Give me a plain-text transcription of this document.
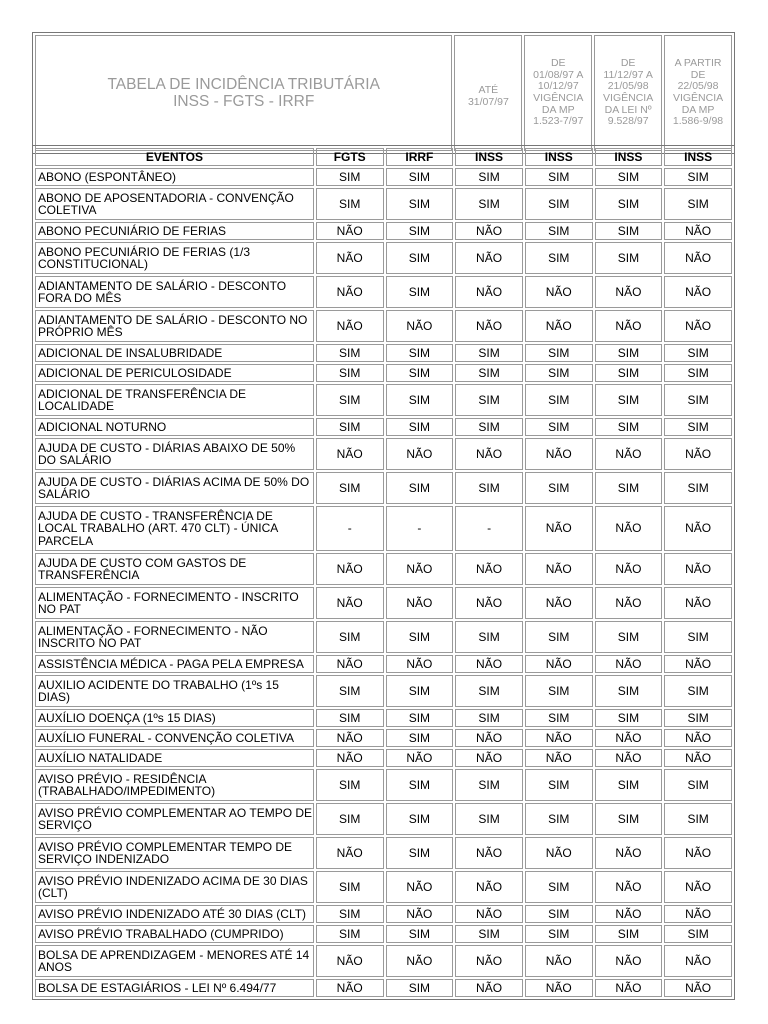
TABELA DE INCIDÊNCIA TRIBUTÁRIA
INSS - FGTS - IRRF

ATÉ
31/07/97

DE
01/08/97 A
10/12/97
VIGÊNCIA
DA MP
1.523-7/97

DE
11/12/97 A
21/05/98
VIGÊNCIA
DA LEI Nº
9.528/97

A PARTIR
DE
22/05/98
VIGÊNCIA
DA MP
1.586-9/98
EVENTOS	FGTS	IRRF	INSS	INSS	INSS	INSS
ABONO (ESPONTÂNEO)	SIM	SIM	SIM	SIM	SIM	SIM
ABONO DE APOSENTADORIA - CONVENÇÃO COLETIVA	SIM	SIM	SIM	SIM	SIM	SIM
ABONO PECUNIÁRIO DE FERIAS	NÃO	SIM	NÃO	SIM	SIM	NÃO
ABONO PECUNIÁRIO DE FERIAS (1/3 CONSTITUCIONAL)	NÃO	SIM	NÃO	SIM	SIM	NÃO
ADIANTAMENTO DE SALÁRIO - DESCONTO FORA DO MÊS	NÃO	SIM	NÃO	NÃO	NÃO	NÃO
ADIANTAMENTO DE SALÁRIO - DESCONTO NO PRÓPRIO MÊS	NÃO	NÃO	NÃO	NÃO	NÃO	NÃO
ADICIONAL DE INSALUBRIDADE	SIM	SIM	SIM	SIM	SIM	SIM
ADICIONAL DE PERICULOSIDADE	SIM	SIM	SIM	SIM	SIM	SIM
ADICIONAL DE TRANSFERÊNCIA DE LOCALIDADE	SIM	SIM	SIM	SIM	SIM	SIM
ADICIONAL NOTURNO	SIM	SIM	SIM	SIM	SIM	SIM
AJUDA DE CUSTO - DIÁRIAS ABAIXO DE 50% DO SALÁRIO	NÃO	NÃO	NÃO	NÃO	NÃO	NÃO
AJUDA DE CUSTO - DIÁRIAS ACIMA DE 50% DO SALÁRIO	SIM	SIM	SIM	SIM	SIM	SIM
AJUDA DE CUSTO - TRANSFERÊNCIA DE LOCAL TRABALHO (ART. 470 CLT) - ÚNICA PARCELA	-	-	-	NÃO	NÃO	NÃO
AJUDA DE CUSTO COM GASTOS DE TRANSFERÊNCIA	NÃO	NÃO	NÃO	NÃO	NÃO	NÃO
ALIMENTAÇÃO - FORNECIMENTO - INSCRITO NO PAT	NÃO	NÃO	NÃO	NÃO	NÃO	NÃO
ALIMENTAÇÃO - FORNECIMENTO - NÃO INSCRITO NO PAT	SIM	SIM	SIM	SIM	SIM	SIM
ASSISTÊNCIA MÉDICA - PAGA PELA EMPRESA	NÃO	NÃO	NÃO	NÃO	NÃO	NÃO
AUXILIO ACIDENTE DO TRABALHO (1ºs 15 DIAS)	SIM	SIM	SIM	SIM	SIM	SIM
AUXÍLIO DOENÇA (1ºs 15 DIAS)	SIM	SIM	SIM	SIM	SIM	SIM
AUXÍLIO FUNERAL - CONVENÇÃO COLETIVA	NÃO	SIM	NÃO	NÃO	NÃO	NÃO
AUXÍLIO NATALIDADE	NÃO	NÃO	NÃO	NÃO	NÃO	NÃO
AVISO PRÉVIO - RESIDÊNCIA (TRABALHADO/IMPEDIMENTO)	SIM	SIM	SIM	SIM	SIM	SIM
AVISO PRÉVIO COMPLEMENTAR AO TEMPO DE SERVIÇO	SIM	SIM	SIM	SIM	SIM	SIM
AVISO PRÉVIO COMPLEMENTAR TEMPO DE SERVIÇO INDENIZADO	NÃO	SIM	NÃO	NÃO	NÃO	NÃO
AVISO PRÉVIO INDENIZADO ACIMA DE 30 DIAS (CLT)	SIM	NÃO	NÃO	SIM	NÃO	NÃO
AVISO PRÉVIO INDENIZADO ATÉ 30 DIAS (CLT)	SIM	NÃO	NÃO	SIM	NÃO	NÃO
AVISO PRÉVIO TRABALHADO (CUMPRIDO)	SIM	SIM	SIM	SIM	SIM	SIM
BOLSA DE APRENDIZAGEM - MENORES ATÉ 14 ANOS	NÃO	NÃO	NÃO	NÃO	NÃO	NÃO
BOLSA DE ESTAGIÁRIOS - LEI Nº 6.494/77	NÃO	SIM	NÃO	NÃO	NÃO	NÃO
